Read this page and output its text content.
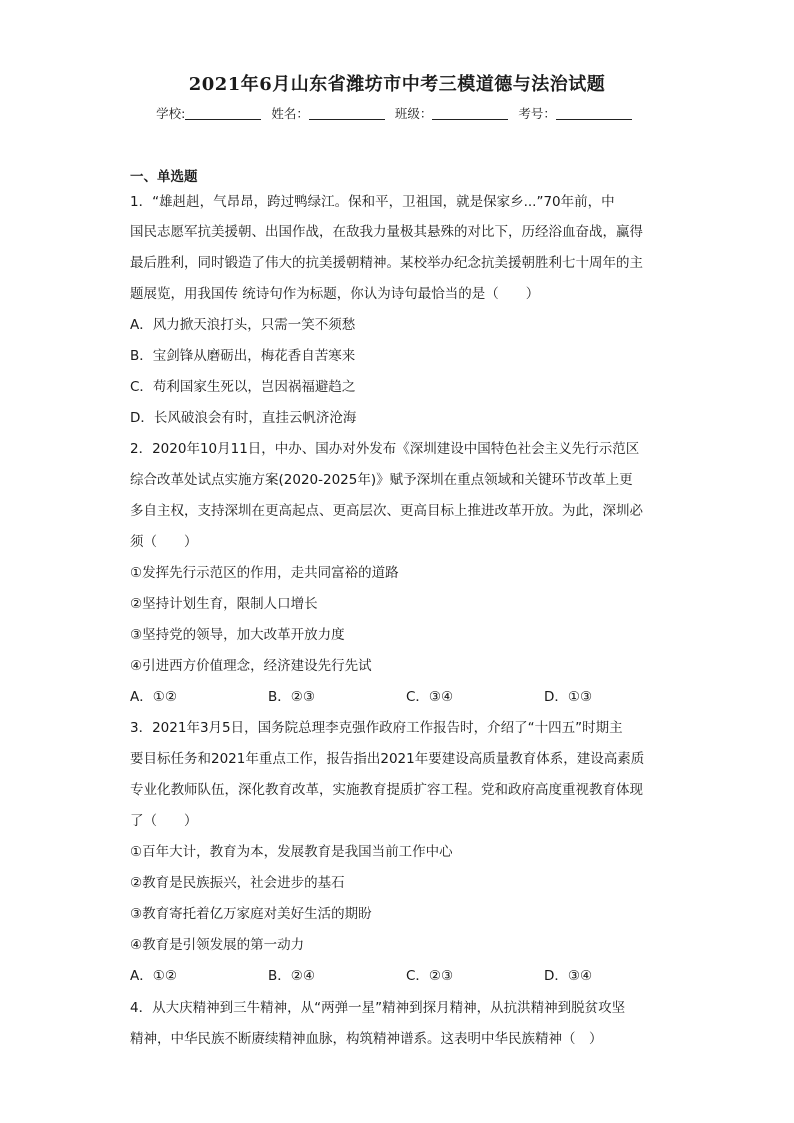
2021年6月山东省潍坊市中考三模道德与法治试题
学校:	姓名：	班级：	考号：
一、单选题
1．“雄赳赳，气昂昂，跨过鸭绿江。保和平，卫祖国，就是保家乡...”70年前，中
国民志愿军抗美援朝、出国作战，在敌我力量极其悬殊的对比下，历经浴血奋战，赢得
最后胜利，同时锻造了伟大的抗美援朝精神。某校举办纪念抗美援朝胜利七十周年的主
题展览，用我国传 统诗句作为标题，你认为诗句最恰当的是（　　）
A．风力掀天浪打头，只需一笑不须愁
B．宝剑锋从磨砺出，梅花香自苦寒来
C．苟利国家生死以，岂因祸福避趋之
D．长风破浪会有时，直挂云帆济沧海
2．2020年10月11日，中办、国办对外发布《深圳建设中国特色社会主义先行示范区
综合改革处试点实施方案(2020-2025年)》赋予深圳在重点领域和关键环节改革上更
多自主权，支持深圳在更高起点、更高层次、更高目标上推进改革开放。为此，深圳必
须（　　）
①发挥先行示范区的作用，走共同富裕的道路
②坚持计划生育，限制人口增长
③坚持党的领导，加大改革开放力度
④引进西方价值理念，经济建设先行先试
A．①②	B．②③	C．③④	D．①③
3．2021年3月5日，国务院总理李克强作政府工作报告时，介绍了“十四五”时期主
要目标任务和2021年重点工作，报告指出2021年要建设高质量教育体系，建设高素质
专业化教师队伍，深化教育改革，实施教育提质扩容工程。党和政府高度重视教育体现
了（　　）
①百年大计，教育为本，发展教育是我国当前工作中心
②教育是民族振兴，社会进步的基石
③教育寄托着亿万家庭对美好生活的期盼
④教育是引领发展的第一动力
A．①②	B．②④	C．②③	D．③④
4．从大庆精神到三牛精神，从“两弹一星”精神到探月精神，从抗洪精神到脱贫攻坚
精神，中华民族不断赓续精神血脉，构筑精神谱系。这表明中华民族精神（　）
